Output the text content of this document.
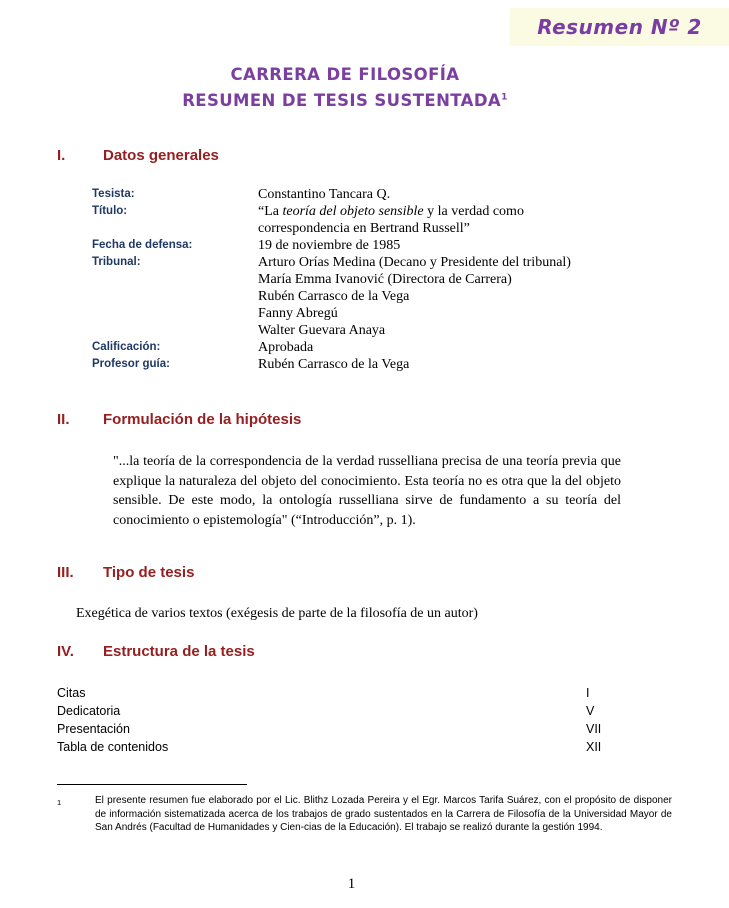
Resumen Nº 2
CARRERA DE FILOSOFÍA
RESUMEN DE TESIS SUSTENTADA$^1$
I.	Datos generales
Tesista:	Constantino Tancara Q.
Título:	“La teoría del objeto sensible y la verdad como
correspondencia en Bertrand Russell”

Fecha de defensa:	19 de noviembre de 1985
Tribunal:	Arturo Orías Medina (Decano y Presidente del tribunal)
María Emma Ivanović (Directora de Carrera)
Rubén Carrasco de la Vega
Fanny Abregú
Walter Guevara Anaya

Calificación:	Aprobada
Profesor guía:	Rubén Carrasco de la Vega
II. Formulación de la hipótesis
"...la teoría de la correspondencia de la verdad russelliana precisa de una teoría previa que explique la naturaleza del objeto del conocimiento. Esta teoría no es otra que la del objeto sensible. De este modo, la ontología russelliana sirve de fundamento a su teoría del conocimiento o epistemología" (“Introducción”, p. 1).
III. Tipo de tesis
Exegética de varios textos (exégesis de parte de la filosofía de un autor)
IV. Estructura de la tesis
Citas	I
Dedicatoria	V
Presentación	VII
Tabla de contenidos	XII
1	El presente resumen fue elaborado por el Lic. Blithz Lozada Pereira y el Egr. Marcos Tarifa Suárez, con el propósito de disponer de información sistematizada acerca de los trabajos de grado sustentados en la Carrera de Filosofía de la Universidad Mayor de San Andrés (Facultad de Humanidades y Cien-cias de la Educación). El trabajo se realizó durante la gestión 1994.
1
